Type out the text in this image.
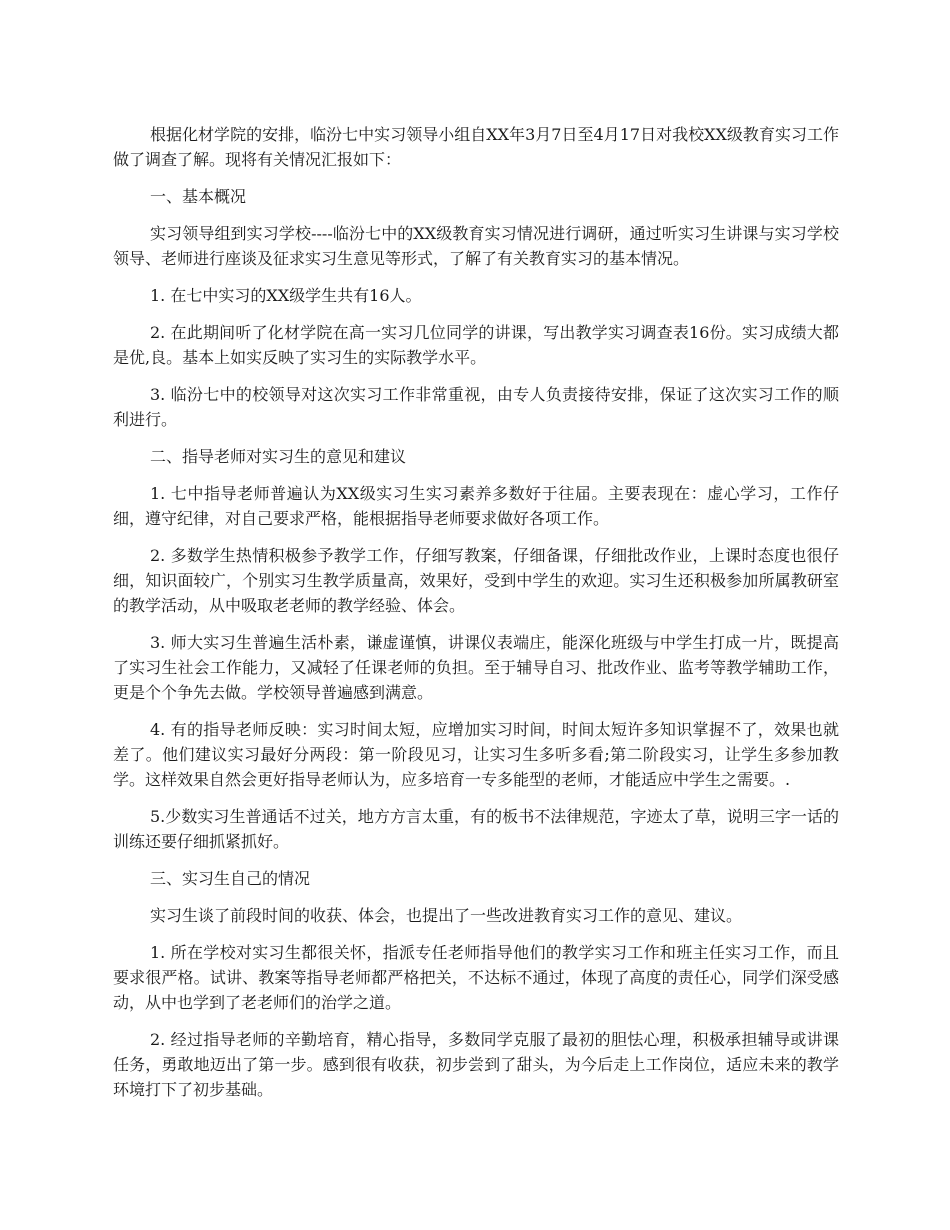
根据化材学院的安排，临汾七中实习领导小组自XX年3月7日至4月17日对我校XX级教育实习工作做了调查了解。现将有关情况汇报如下：

一、基本概况

实习领导组到实习学校----临汾七中的XX级教育实习情况进行调研，通过听实习生讲课与实习学校领导、老师进行座谈及征求实习生意见等形式，了解了有关教育实习的基本情况。

1. 在七中实习的XX级学生共有16人。

2. 在此期间听了化材学院在高一实习几位同学的讲课，写出教学实习调查表16份。实习成绩大都是优,良。基本上如实反映了实习生的实际教学水平。

3. 临汾七中的校领导对这次实习工作非常重视，由专人负责接待安排，保证了这次实习工作的顺利进行。

二、指导老师对实习生的意见和建议

1. 七中指导老师普遍认为XX级实习生实习素养多数好于往届。主要表现在：虚心学习，工作仔细，遵守纪律，对自己要求严格，能根据指导老师要求做好各项工作。

2. 多数学生热情积极参予教学工作，仔细写教案，仔细备课，仔细批改作业，上课时态度也很仔细，知识面较广，个别实习生教学质量高，效果好，受到中学生的欢迎。实习生还积极参加所属教研室的教学活动，从中吸取老老师的教学经验、体会。

3. 师大实习生普遍生活朴素，谦虚谨慎，讲课仪表端庄，能深化班级与中学生打成一片，既提高了实习生社会工作能力，又减轻了任课老师的负担。至于辅导自习、批改作业、监考等教学辅助工作，更是个个争先去做。学校领导普遍感到满意。

4. 有的指导老师反映：实习时间太短，应增加实习时间，时间太短许多知识掌握不了，效果也就差了。他们建议实习最好分两段：第一阶段见习，让实习生多听多看;第二阶段实习，让学生多参加教学。这样效果自然会更好指导老师认为，应多培育一专多能型的老师，才能适应中学生之需要。.

5.少数实习生普通话不过关，地方方言太重，有的板书不法律规范，字迹太了草，说明三字一话的训练还要仔细抓紧抓好。

三、实习生自己的情况

实习生谈了前段时间的收获、体会，也提出了一些改进教育实习工作的意见、建议。

1. 所在学校对实习生都很关怀，指派专任老师指导他们的教学实习工作和班主任实习工作，而且要求很严格。试讲、教案等指导老师都严格把关，不达标不通过，体现了高度的责任心，同学们深受感动，从中也学到了老老师们的治学之道。

2. 经过指导老师的辛勤培育，精心指导，多数同学克服了最初的胆怯心理，积极承担辅导或讲课任务，勇敢地迈出了第一步。感到很有收获，初步尝到了甜头，为今后走上工作岗位，适应未来的教学环境打下了初步基础。
